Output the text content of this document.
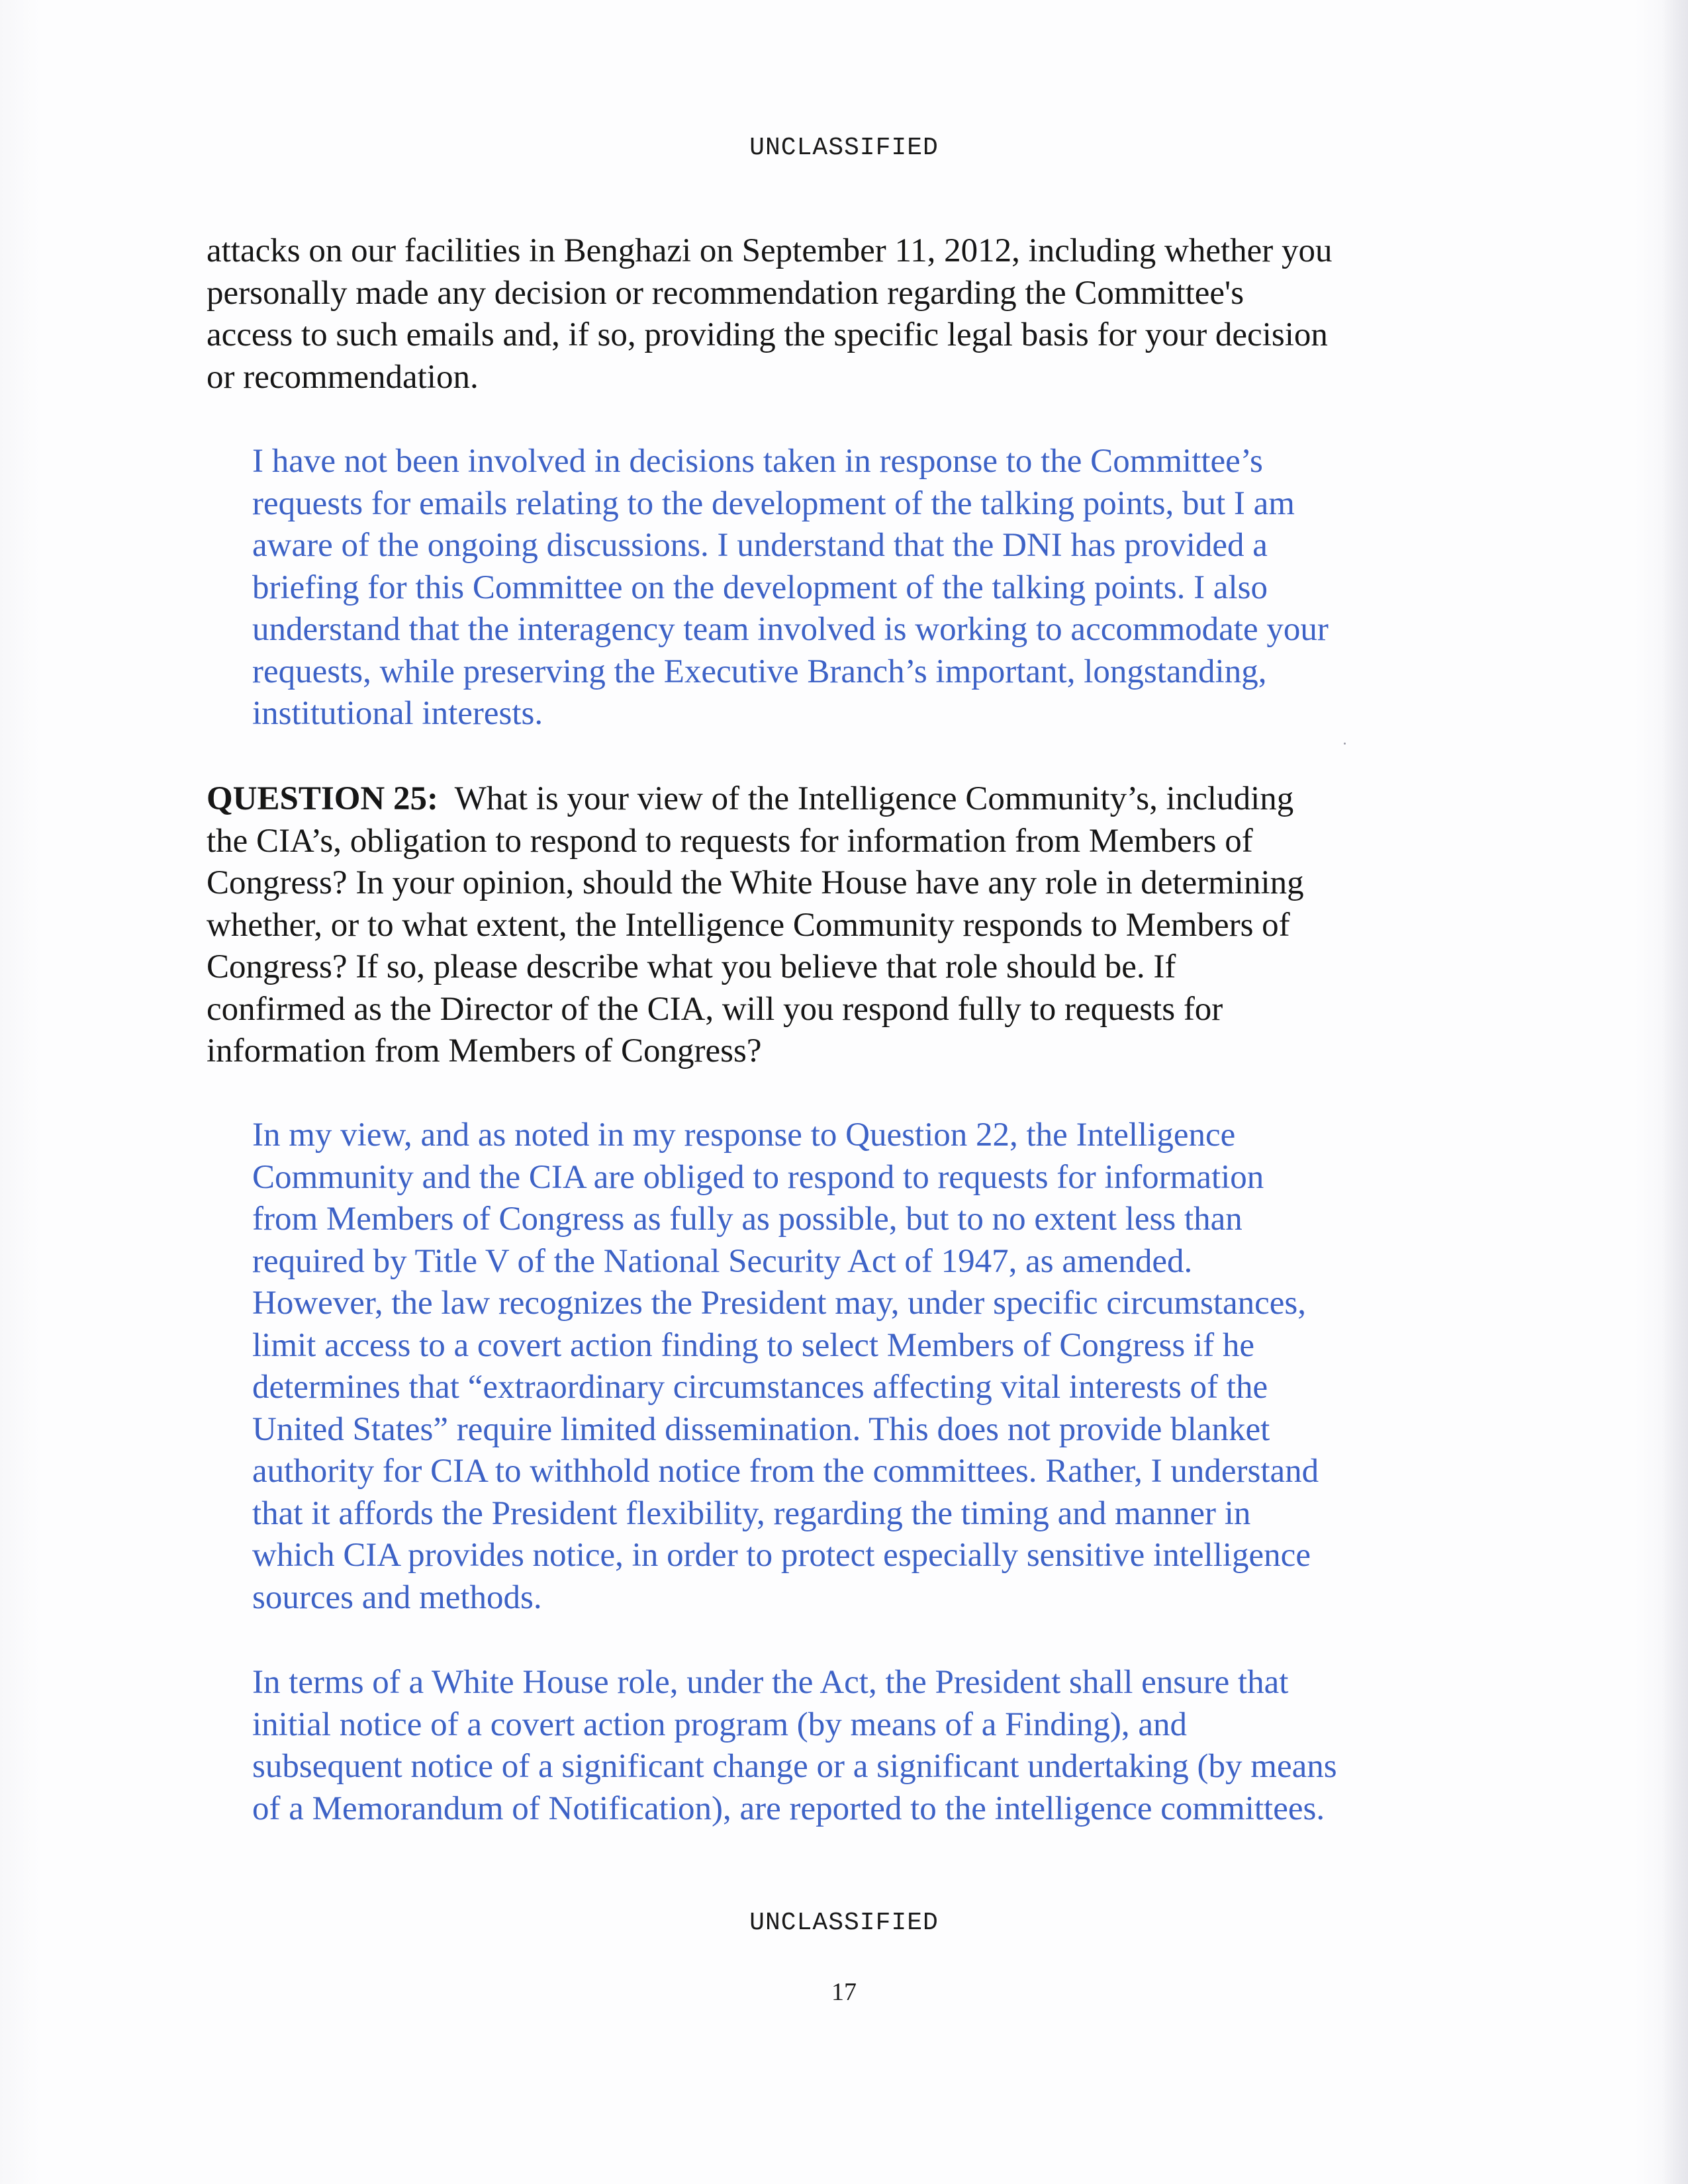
UNCLASSIFIED
attacks on our facilities in Benghazi on September 11, 2012, including whether you
personally made any decision or recommendation regarding the Committee's
access to such emails and, if so, providing the specific legal basis for your decision
or recommendation.
I have not been involved in decisions taken in response to the Committee’s
requests for emails relating to the development of the talking points, but I am
aware of the ongoing discussions. I understand that the DNI has provided a
briefing for this Committee on the development of the talking points. I also
understand that the interagency team involved is working to accommodate your
requests, while preserving the Executive Branch’s important, longstanding,
institutional interests.
QUESTION 25:  What is your view of the Intelligence Community’s, including
the CIA’s, obligation to respond to requests for information from Members of
Congress? In your opinion, should the White House have any role in determining
whether, or to what extent, the Intelligence Community responds to Members of
Congress? If so, please describe what you believe that role should be. If
confirmed as the Director of the CIA, will you respond fully to requests for
information from Members of Congress?
In my view, and as noted in my response to Question 22, the Intelligence
Community and the CIA are obliged to respond to requests for information
from Members of Congress as fully as possible, but to no extent less than
required by Title V of the National Security Act of 1947, as amended.
However, the law recognizes the President may, under specific circumstances,
limit access to a covert action finding to select Members of Congress if he
determines that “extraordinary circumstances affecting vital interests of the
United States” require limited dissemination. This does not provide blanket
authority for CIA to withhold notice from the committees. Rather, I understand
that it affords the President flexibility, regarding the timing and manner in
which CIA provides notice, in order to protect especially sensitive intelligence
sources and methods.
In terms of a White House role, under the Act, the President shall ensure that
initial notice of a covert action program (by means of a Finding), and
subsequent notice of a significant change or a significant undertaking (by means
of a Memorandum of Notification), are reported to the intelligence committees.
UNCLASSIFIED
17
